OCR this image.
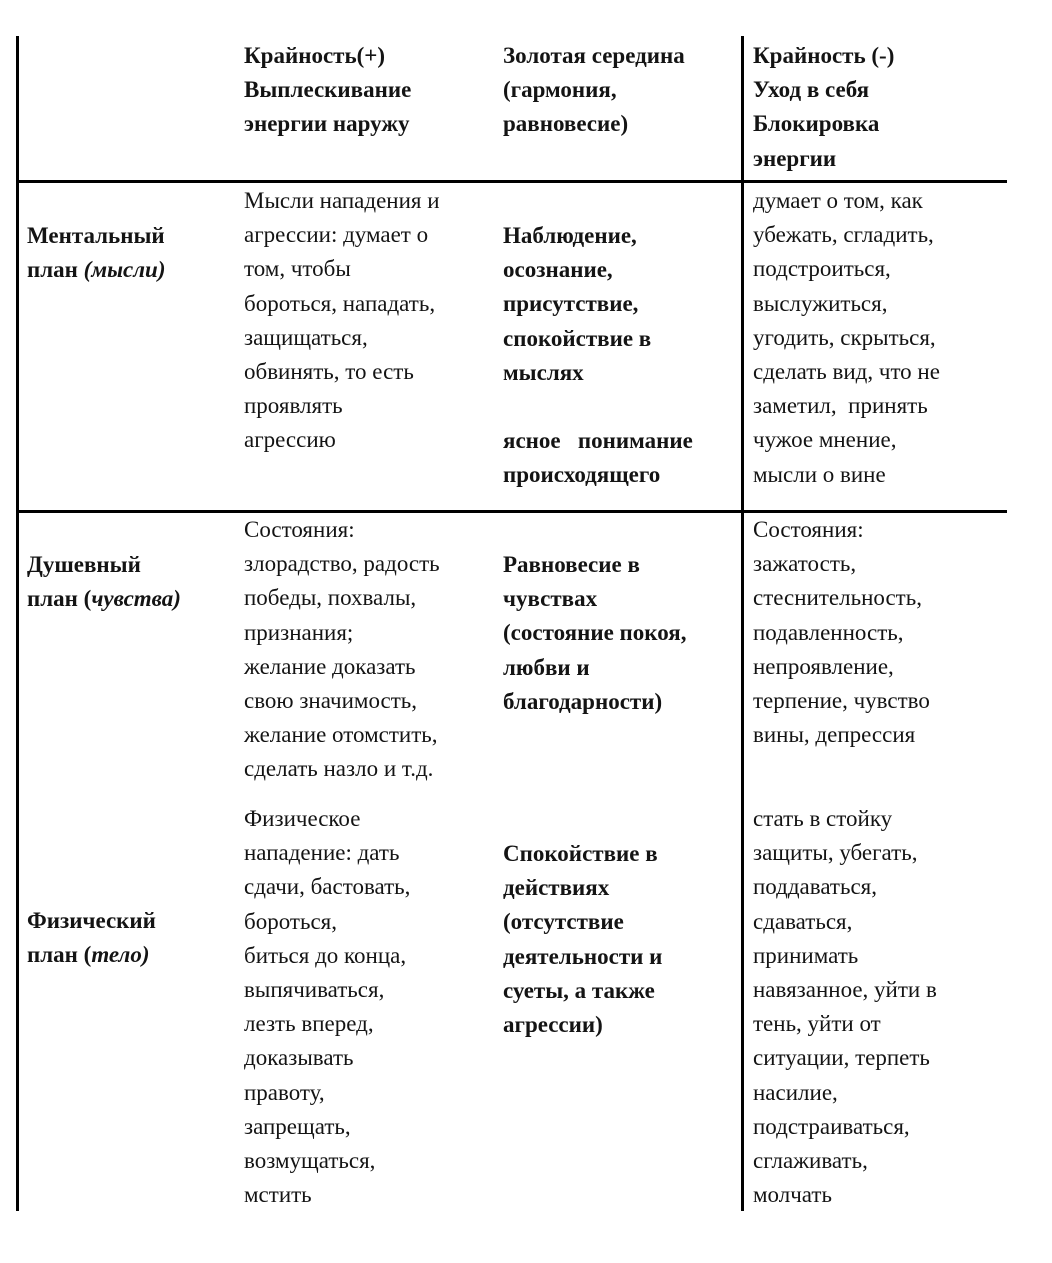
Крайность(+)
Выплескивание
энергии наружу
Золотая середина
(гармония,
равновесие)
Крайность (-)
Уход в себя
Блокировка
энергии
Ментальный
план (мысли)
Мысли нападения и
агрессии: думает о
том, чтобы
бороться, нападать,
защищаться,
обвинять, то есть
проявлять
агрессию
Наблюдение,
осознание,
присутствие,
спокойствие в
мыслях
ясное   понимание
происходящего
думает о том, как
убежать, сгладить,
подстроиться,
выслужиться,
угодить, скрыться,
сделать вид, что не
заметил,  принять
чужое мнение,
мысли о вине
Душевный
план (чувства)
Состояния:
злорадство, радость
победы, похвалы,
признания;
желание доказать
свою значимость,
желание отомстить,
сделать назло и т.д.
Равновесие в
чувствах
(состояние покоя,
любви и
благодарности)
Состояния:
зажатость,
стеснительность,
подавленность,
непроявление,
терпение, чувство
вины, депрессия
Физический
план (тело)
Физическое
нападение: дать
сдачи, бастовать,
бороться,
биться до конца,
выпячиваться,
лезть вперед,
доказывать
правоту,
запрещать,
возмущаться,
мстить
Спокойствие в
действиях
(отсутствие
деятельности и
суеты, а также
агрессии)
стать в стойку
защиты, убегать,
поддаваться,
сдаваться,
принимать
навязанное, уйти в
тень, уйти от
ситуации, терпеть
насилие,
подстраиваться,
сглаживать,
молчать
